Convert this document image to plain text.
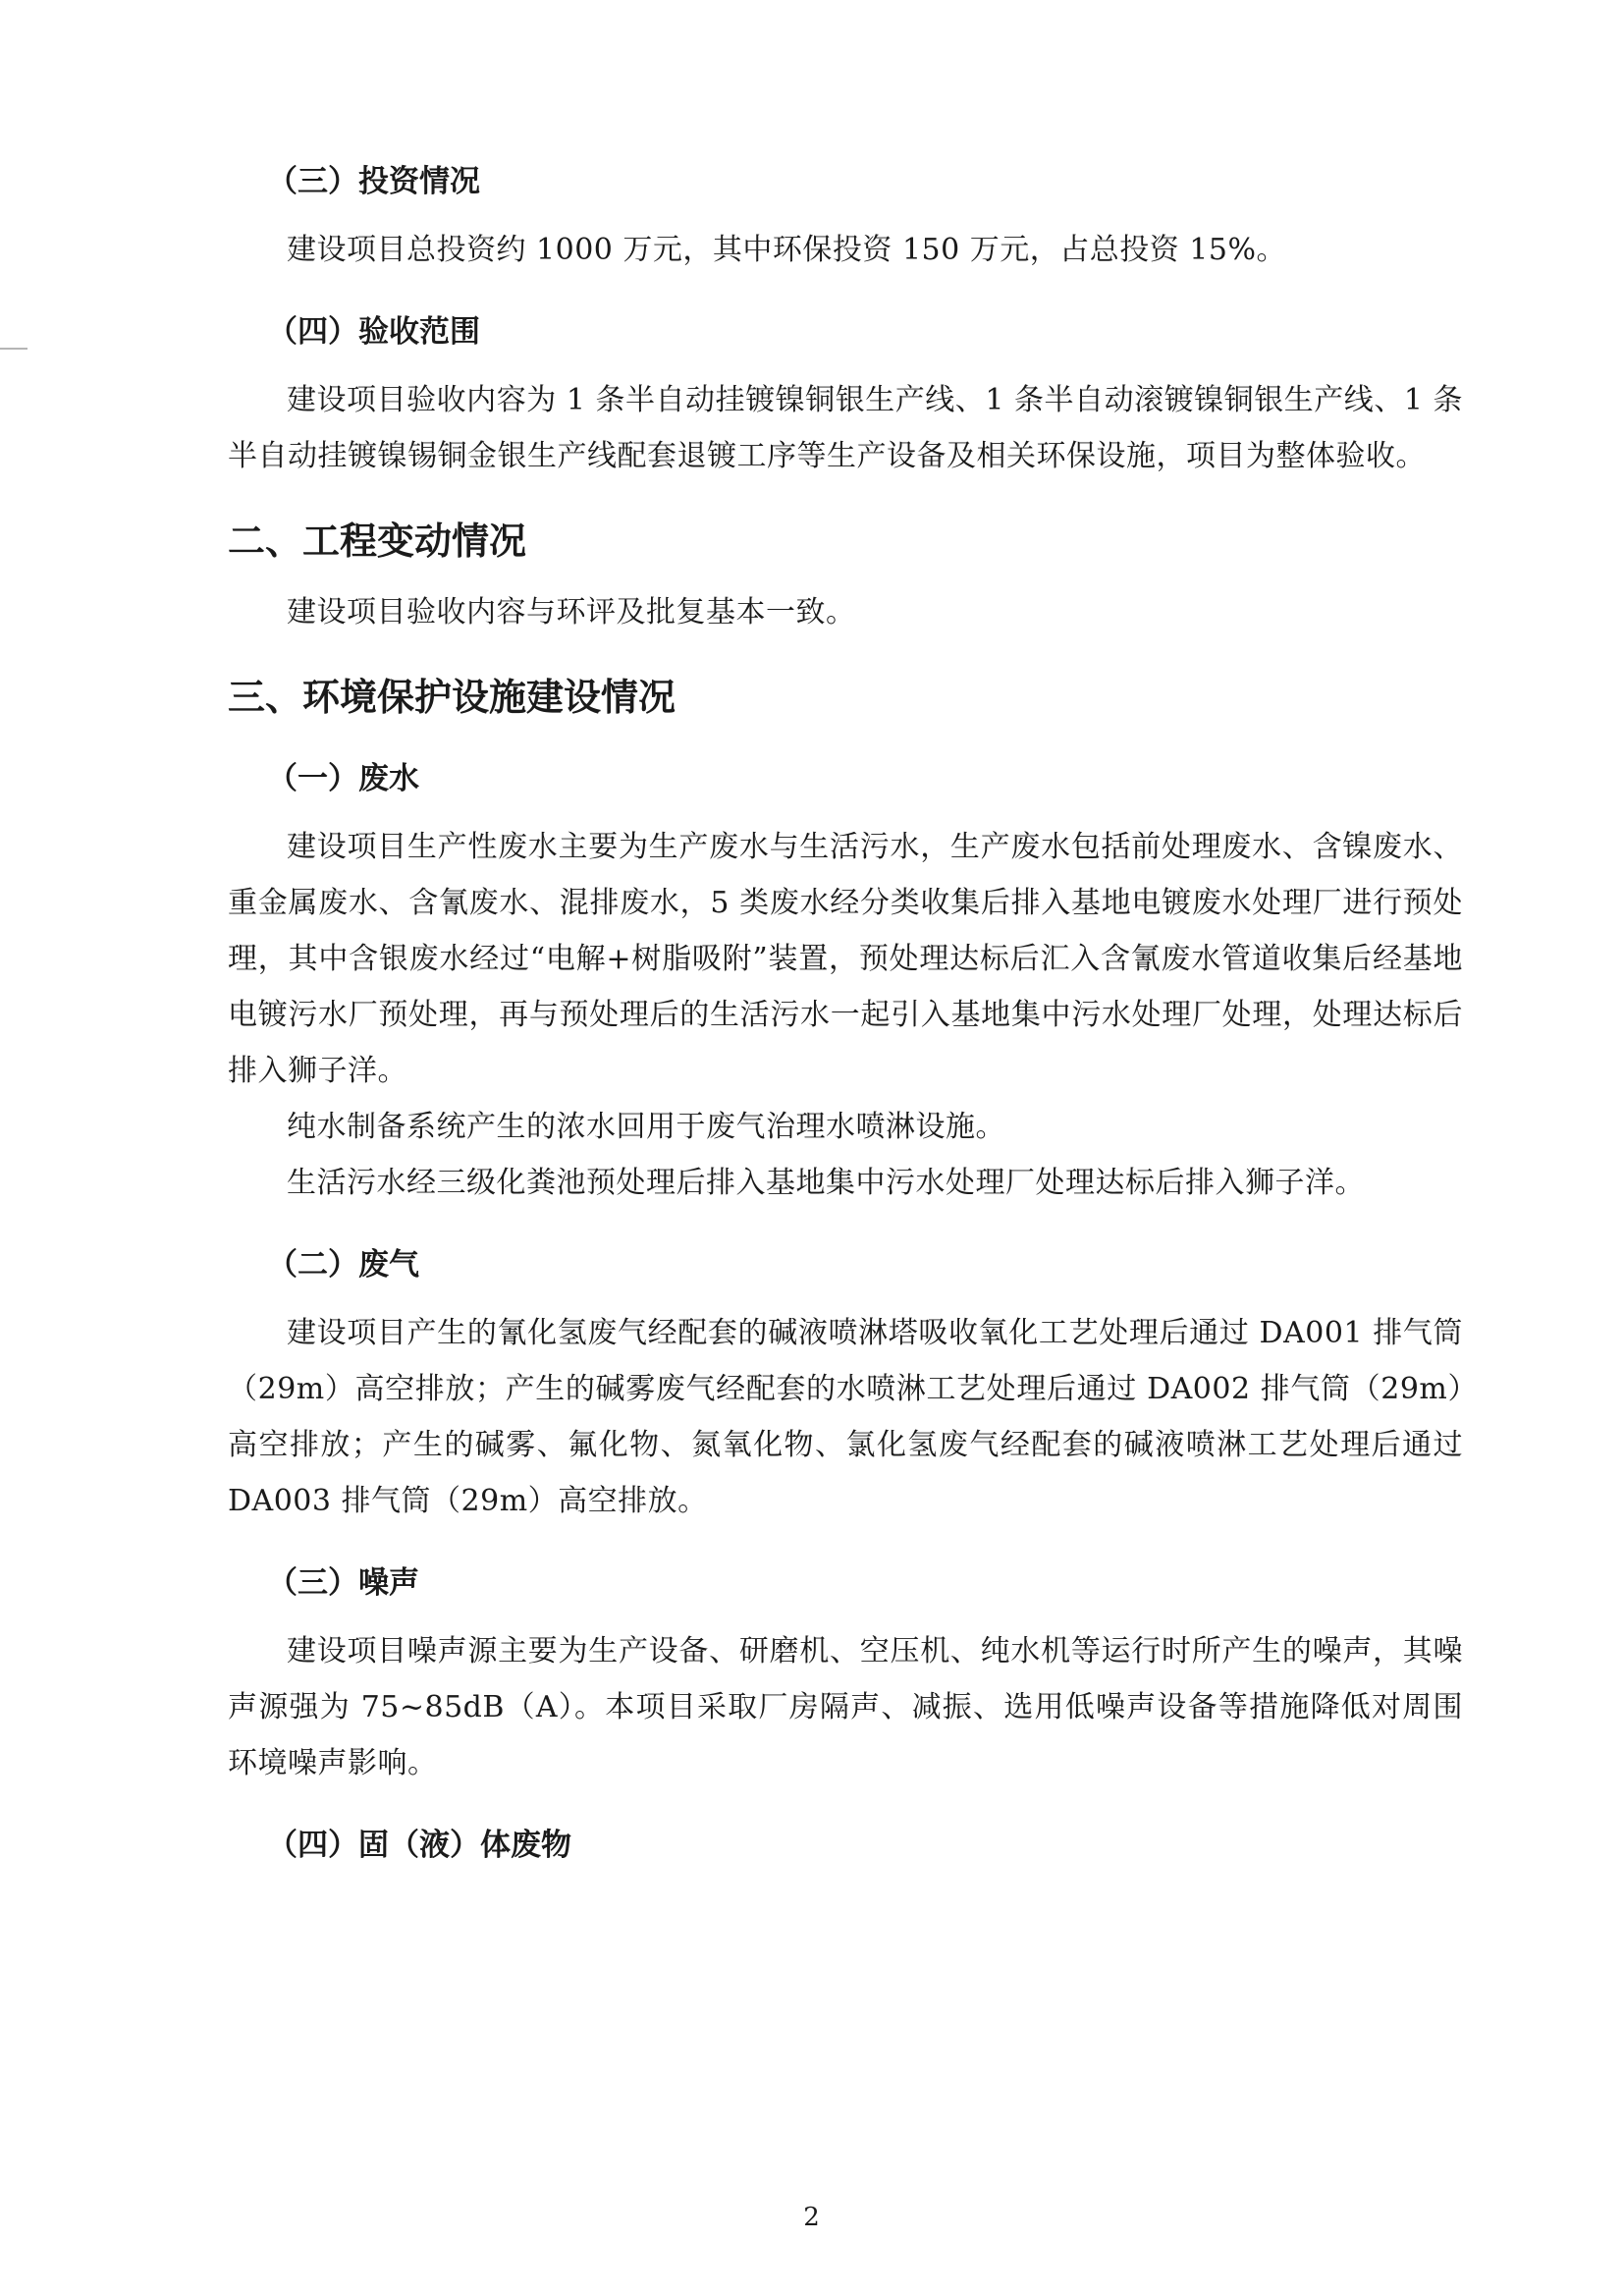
（三）投资情况

建设项目总投资约 1000 万元，其中环保投资 150 万元，占总投资 15%。

（四）验收范围

建设项目验收内容为 1 条半自动挂镀镍铜银生产线、1 条半自动滚镀镍铜银生产线、1 条半自动挂镀镍锡铜金银生产线配套退镀工序等生产设备及相关环保设施，项目为整体验收。

二、工程变动情况

建设项目验收内容与环评及批复基本一致。

三、环境保护设施建设情况
（一）废水

建设项目生产性废水主要为生产废水与生活污水，生产废水包括前处理废水、含镍废水、重金属废水、含氰废水、混排废水，5 类废水经分类收集后排入基地电镀废水处理厂进行预处理，其中含银废水经过“电解+树脂吸附”装置，预处理达标后汇入含氰废水管道收集后经基地电镀污水厂预处理，再与预处理后的生活污水一起引入基地集中污水处理厂处理，处理达标后排入狮子洋。

纯水制备系统产生的浓水回用于废气治理水喷淋设施。

生活污水经三级化粪池预处理后排入基地集中污水处理厂处理达标后排入狮子洋。

（二）废气

建设项目产生的氰化氢废气经配套的碱液喷淋塔吸收氧化工艺处理后通过 DA001 排气筒（29m）高空排放；产生的碱雾废气经配套的水喷淋工艺处理后通过 DA002 排气筒（29m）高空排放；产生的碱雾、氟化物、氮氧化物、氯化氢废气经配套的碱液喷淋工艺处理后通过 DA003 排气筒（29m）高空排放。

（三）噪声

建设项目噪声源主要为生产设备、研磨机、空压机、纯水机等运行时所产生的噪声，其噪声源强为 75~85dB（A）。本项目采取厂房隔声、减振、选用低噪声设备等措施降低对周围环境噪声影响。

（四）固（液）体废物
2
